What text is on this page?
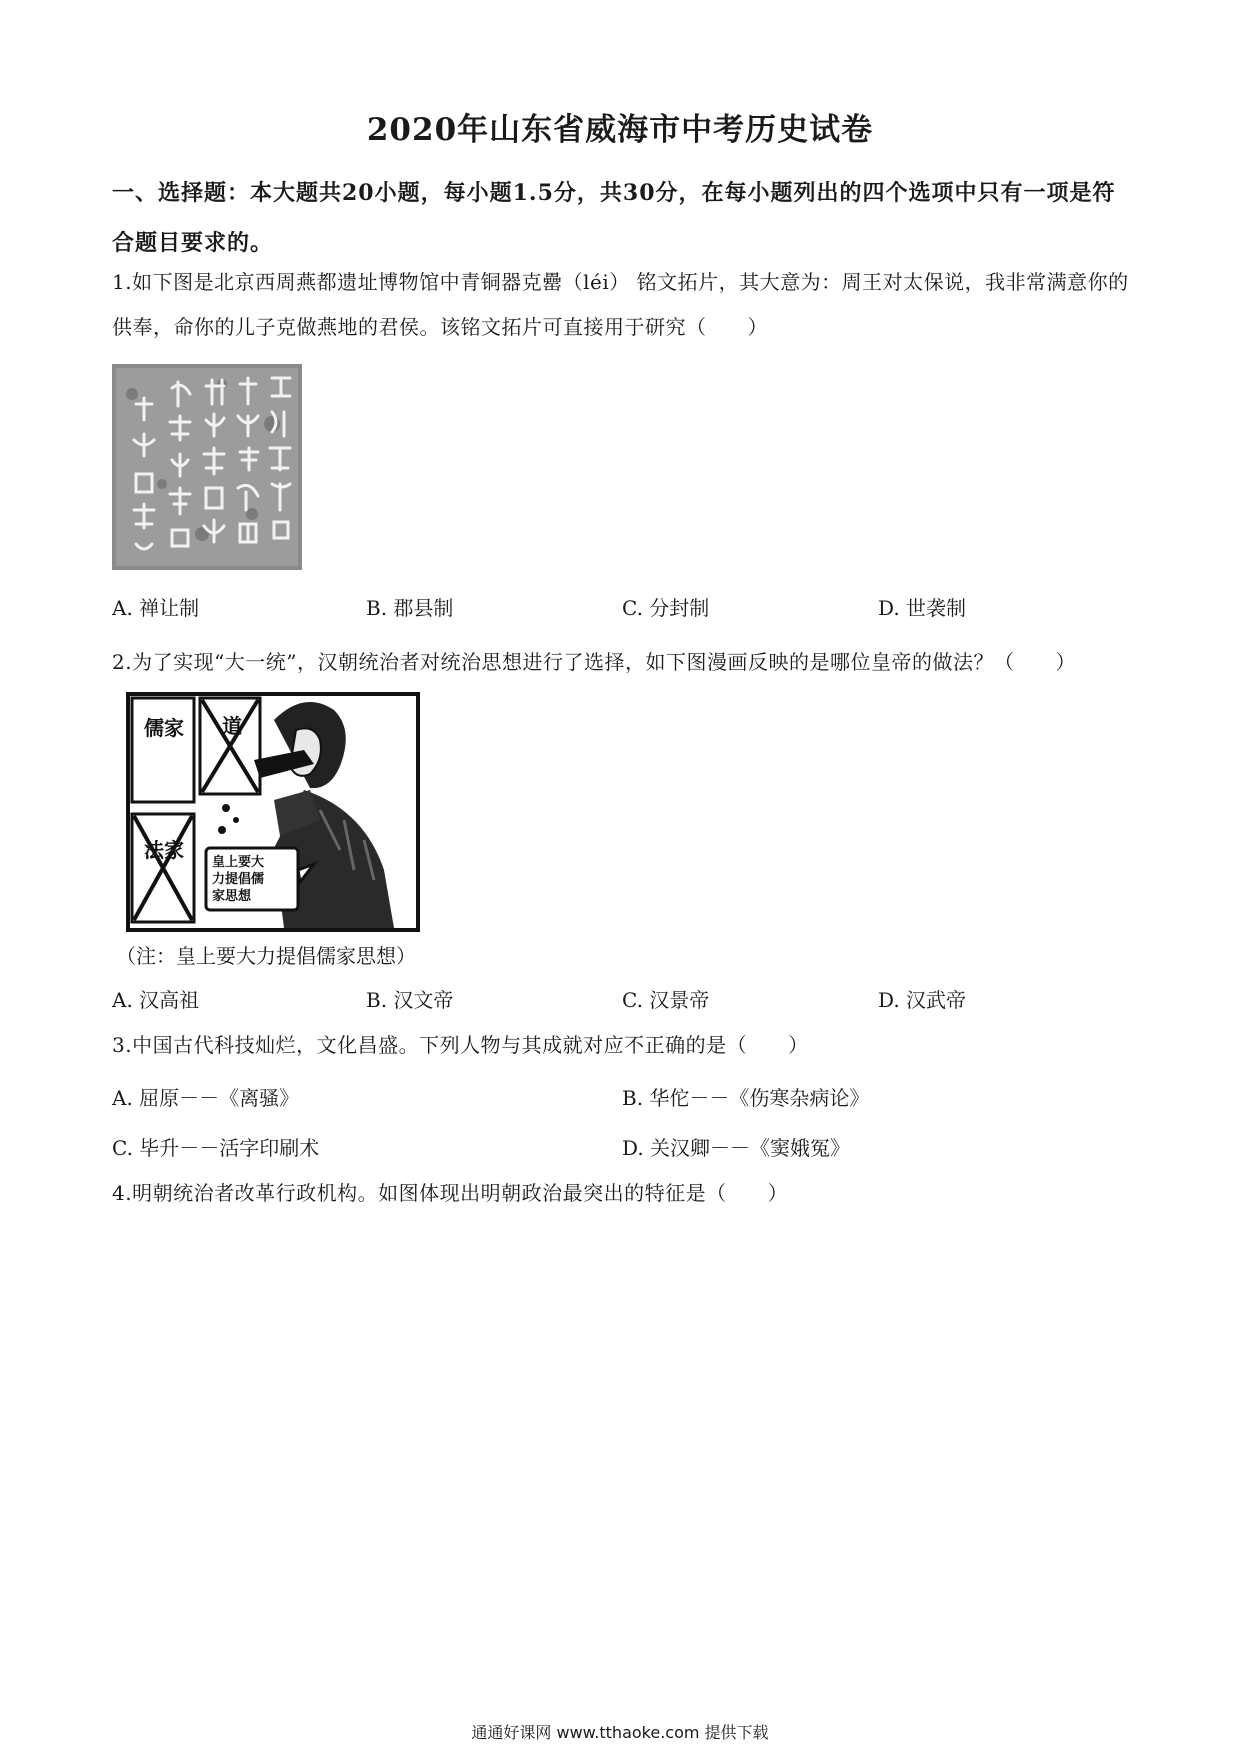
2020年山东省威海市中考历史试卷
一、选择题：本大题共20小题，每小题1.5分，共30分，在每小题列出的四个选项中只有一项是符合题目要求的。
1.如下图是北京西周燕都遗址博物馆中青铜器克罍（léi） 铭文拓片，其大意为：周王对太保说，我非常满意你的供奉，命你的儿子克做燕地的君侯。该铭文拓片可直接用于研究（　　）
A. 禅让制	B. 郡县制	C. 分封制	D. 世袭制
2.为了实现“大一统”，汉朝统治者对统治思想进行了选择，如下图漫画反映的是哪位皇帝的做法？（　　）
儒家
法家
道
皇上要大
力提倡儒
家思想
（注：皇上要大力提倡儒家思想）
A. 汉高祖	B. 汉文帝	C. 汉景帝	D. 汉武帝
3.中国古代科技灿烂，文化昌盛。下列人物与其成就对应不正确的是（　　）
A. 屈原－－《离骚》	B. 华佗－－《伤寒杂病论》
C. 毕升－－活字印刷术	D. 关汉卿－－《窦娥冤》
4.明朝统治者改革行政机构。如图体现出明朝政治最突出的特征是（　　）
通通好课网 www.tthaoke.com 提供下载
